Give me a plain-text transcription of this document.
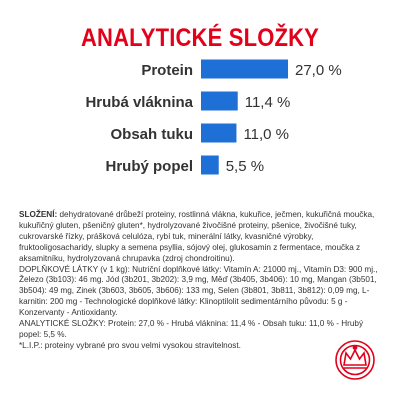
ANALYTICKÉ SLOŽKY
Protein	27,0 %
Hrubá vláknina	11,4 %
Obsah tuku	11,0 %
Hrubý popel 5,5 %

SLOŽENÍ: dehydratované drůbeží proteiny, rostlinná vlákna, kukuřice, ječmen, kukuřičná moučka, kukuřičný gluten, pšeničný gluten*, hydrolyzované živočišné proteiny, pšenice, živočišné tuky, cukrovarské řízky, prášková celulóza, rybí tuk, minerální látky, kvasničné výrobky, fruktooligosacharidy, slupky a semena psyllia, sójový olej, glukosamin z fermentace, moučka z aksamitníku, hydrolyzovaná chrupavka (zdroj chondroitinu).

DOPLŇKOVÉ LÁTKY (v 1 kg): Nutriční doplňkové látky: Vitamín A: 21000 mj., Vitamín D3: 900 mj., Železo (3b103): 46 mg. Jód (3b201, 3b202): 3,9 mg, Měď (3b405, 3b406): 10 mg, Mangan (3b501, 3b504): 49 mg, Zinek (3b603, 3b605, 3b606): 133 mg, Selen (3b801, 3b811, 3b812): 0,09 mg, L-karnitin: 200 mg - Technologické doplňkové látky: Klinoptilolit sedimentárního původu: 5 g - Konzervanty - Antioxidanty.

ANALYTICKÉ SLOŽKY: Protein: 27,0 % - Hrubá vláknina: 11,4 % - Obsah tuku: 11,0 % - Hrubý popel: 5,5 %.

*L.I.P.: proteiny vybrané pro svou velmi vysokou stravitelnost.
